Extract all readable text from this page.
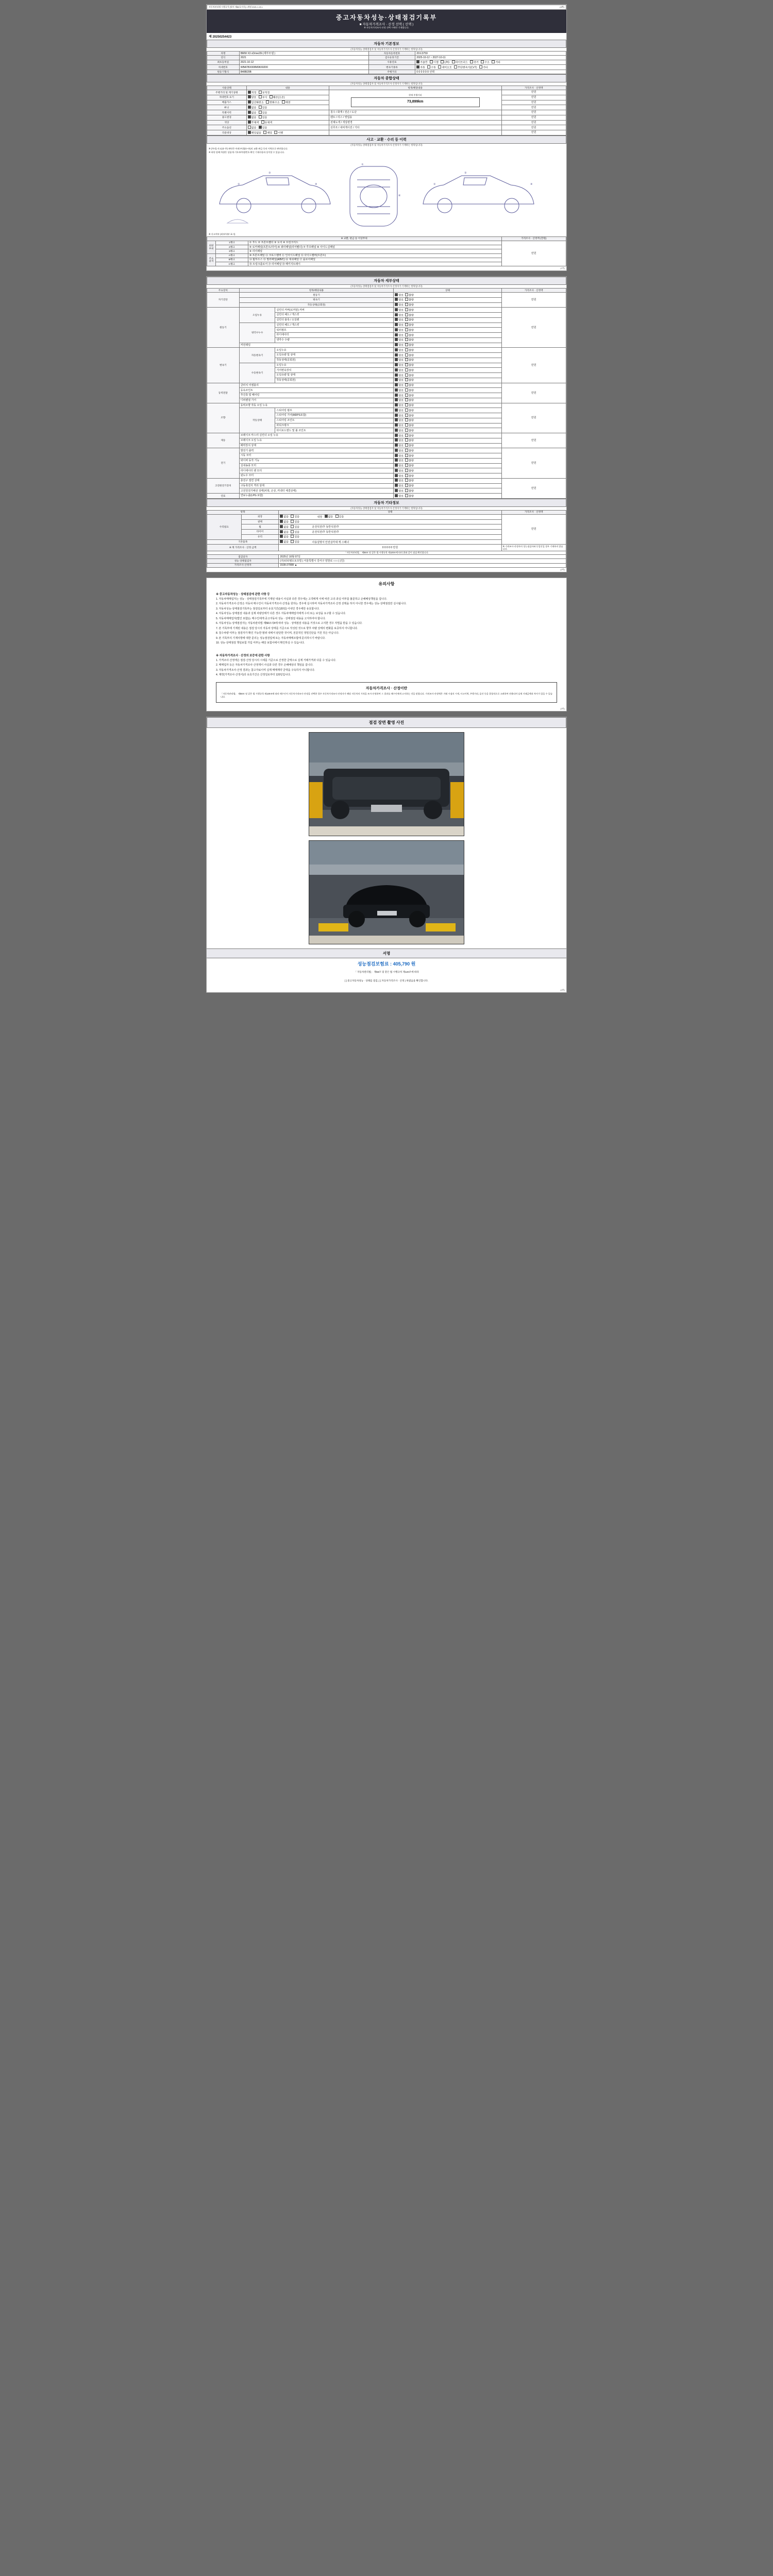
자동차관리법 시행규칙 [별지 제82호서식] <개정 2021.1.19.>	(4쪽)
중고자동차성능·상태점검기록부
■ 자동차가격조사 · 산정 선택 ( 선택 )
※ 자동차가격조사·산정 선택 시에만 기재합니다.
제 20250254423
자동차 기본정보
(자동차성능·상태점검자 및 자동차가격조사·산정자가 기재하는 항목입니다)
차명	BMW X3 xDrive20i (세부모델 )	자동차등록번호	20로3759
연식	2021	검사유효기간	2025-10-12 ~ 2027-10-11
최초등록일	2021-10-12	사용연료	가솔린 디젤 LPG 하이브리드 전기 수소 기타
차대번호	WBATBX008M9K69200	변속기종류	자동 수동 세미오토 무단변속기(CVT) 기타
원동기형식	B48B20B	주행거리	0 0 0 0 0 0 선택
자동차 종합상태
(자동차성능·상태점검자 및 자동차가격조사·산정자가 기재하는 항목입니다)
사용상태	내용	항목/해당내용	가격조사 · 산정액
주행거리 및 계기상태	적정 부적정	현재 주행거리
73,899km	만원
차대번호 표기	양호 부식 훼손(오손)		만원
배출가스	일산화탄소 탄화수소 매연		만원
튜닝	없음 있음		만원
특별이력	없음 있음	침수 / 화재 / 전손 / 도난	만원
용도변경	없음 있음	렌트 / 리스 / 영업용	만원
색상	무채색 유채색	전체도색 / 색상변경	만원
주요옵션	없음 있음	선루프 / 내비게이션 / 기타	만원
리콜대상	해당없음 해당 이행		만원
사고 · 교환 · 수리 등 이력
(자동차성능·상태점검자 및 자동차가격조사·산정자가 기재하는 항목입니다)
※ (주의) 사고(유·무) 판단은 아래 부위(①~⑦)의 교환·판금 등의 이력으로 판단합니다.
※ 하단 당해 차량은 상품개·기록부/차량번호 확인 기재사항과 상이할 수 있습니다.
③
①	④
⑦
⑥
③
④
①
※ 사고여부 (외부/내부 표시)
※ 교환, 판금 등 이상부위			가격조사 · 산정액 (만원)
외판부위	1랭크	① 후드 ② 프론트휀더 ③ 도어 ④ 트렁크리드	만원
	2랭크	⑤ 로커패널(프론트/리어) ⑥ 쿼터패널(리어휀더) ⑦ 루프패널 ⑧ 사이드실패널	
	3랭크	⑨ 리어패널	
주요골격	A랭크	⑩ 프론트패널 ⑪ 크로스멤버 ⑫ 인사이드패널 ⑬ 사이드멤버(프론트)	
	B랭크	⑭ 휠하우스 ⑮ 필러패널(A/B/C) ⑯ 대쉬패널 ⑰ 플로어패널	
	C랭크	⑱ 트렁크플로어 ⑲ 리어패널 ⑳ 패키지트레이	
(1쪽)
자동차 세부상태
(자동차성능·상태점검자 및 자동차가격조사·산정자가 기재하는 항목입니다)
주요장치	항목/해당내용		상태	가격조사 · 산정액
자기진단	원동기		양호 불량	만원
	변속기		양호 불량	
	작동상태(공회전)		양호 불량	
원동기	오일누유	실린더 커버(로커암) 커버	양호 불량	만원
		실린더 헤드 / 개스킷	양호 불량	
		실린더 블록 / 오일팬	양호 불량	
	냉각수누수	실린더 헤드 / 개스킷	양호 불량	
		워터펌프	양호 불량	
		라디에이터	양호 불량	
		냉각수 수량	양호 불량	
	커먼레일		양호 불량	
변속기	자동변속기	오일누유	양호 불량	만원
		오일유량 및 상태	양호 불량	
		작동상태(공회전)	양호 불량	
	수동변속기	오일누유	양호 불량	
		기어변속장치	양호 불량	
		오일유량 및 상태	양호 불량	
		작동상태(공회전)	양호 불량	
동력전달	클러치 어셈블리		양호 불량	만원
	등속조인트		양호 불량	
	추진축 및 베어링		양호 불량	
	디퍼렌셜 기어		양호 불량	
조향	동력조향 작동 오일 누유		양호 불량	만원
	작동상태	스티어링 펌프	양호 불량	
		스티어링 기어(MDPS포함)	양호 불량	
		스티어링 조인트	양호 불량	
		파워크랭크	양호 불량	
		타이로드엔드 및 볼 조인트	양호 불량	
제동	브레이크 마스터 실린더 오일 누유		양호 불량	만원
	브레이크 오일 누유		양호 불량	
	배력장치 상태		양호 불량	
전기	발전기 출력		양호 불량	만원
	시동 모터		양호 불량	
	와이퍼 동작 기능		양호 불량	
	실내송풍 모터		양호 불량	
	라디에이터 팬 모터		양호 불량	
	윈도우 모터		양호 불량	
고전원전기장치	충전구 절연 상태		양호 불량	만원
	구동축전지 격리 상태		양호 불량	
	고전원전기배선 상태(피복, 손상, 커넥터 체결상태)		양호 불량	
연료	연료누출(LPG 포함)		양호 불량	
자동차 기타정보
(자동차성능·상태점검자 및 자동차가격조사·산정자가 기재하는 항목입니다)
항목		상태	가격조사 · 산정액
수리필요	외장	없음 있음 내장 없음 있음	만원
	광택	없음 있음	
	휠	없음 있음 운전석전/후 동반석전/후	
	타이어	없음 있음 운전석전/후 동반석전/후	
	유리	없음 있음	
기본품목		없음 있음 사용설명서 안전삼각대 잭 스패너	
※ 계 가격조사 · 산정 금액		0 0 0 0 0 만원	※ 가격조사·산정자의 성능점검자와 동일인일 경우 기재하지 않습니다.
「자동차관리법」 제58조 및 같은 법 시행규칙 제120조에 따라 위와 같이 점검·확인합니다.			
점검일자		2025년 10월 07일	
성능·상태점검자		(주)티티엠오토모빌 | 서울특별시 강서구 양천로 ○○○ | (인)	
가격조사·산정자		1530-27008 ▲	
(2쪽)
유의사항
※ 중고자동차성능 · 상태점검에 관한 사항 등
1. 자동차매매업자는 성능 · 상태점검기록부에 기재된 내용이 사실과 다른 경우에는 고객에게 이에 따른 고의·과실 여부를 불문하고 손해배상책임을 집니다.
2. 자동차가격조사·산정은 자동차 매수인이 자동차가격조사·산정을 원하는 경우에 실시하며 자동차가격조사·산정 선택을 하지 아니한 경우에는 성능·상태점검만 실시됩니다.
3. 자동차성능·상태점검기록부는 점검일로부터 유효기간(120일) 이내인 경우에만 유효합니다.
4. 자동차성능·상태점검 내용과 실제 차량상태가 다른 경우 자동차매매업자에게 수리 또는 보상을 요구할 수 있습니다.
5. 자동차매매업자(법인 포함)는 매수인에게 중고자동차 성능 · 상태점검 내용을 고지하여야 합니다.
6. 자동차성능·상태점검자는 자동차관리법 제58조의4에 따라 성능 · 상태점검 내용을 거짓으로 고지한 경우 처벌을 받을 수 있습니다.
7. 본 기록부에 기재된 내용은 점검 당시의 자동차 상태를 기준으로 작성된 것으로 향후 차량 상태의 변화를 보증하지 아니합니다.
8. 침수차량 여부는 점검자가 확인 가능한 범위 내에서 판단한 것이며, 전문적인 정밀진단을 거친 것은 아닙니다.
9. 본 기록부의 기재사항에 대한 문의는 성능점검업체 또는 자동차매매조합에 문의하시기 바랍니다.
10. 성능·상태점검 책임보험 가입 여부는 해당 보험사에서 확인하실 수 있습니다.
※ 자동차가격조사 · 산정의 보증에 관한 사항
1. 가격조사·산정액은 점검·산정 당시의 시세를 기준으로 산정한 금액으로 실제 거래가격과 다를 수 있습니다.
2. 매매업자 등은 자동차가격조사·산정액이 사실과 다른 경우 손해배상의 책임을 집니다.
3. 자동차가격조사·산정 결과는 참고자료이며 실제 매매계약 금액을 구속하지 아니합니다.
4. 계약(가격조사·산정서)의 유효기간은 산정일로부터 120일입니다.
자동차가격조사 · 산정이란
「자동차관리법」 제58조 및 같은 법 시행규칙 제120조에 따라 매수인이 자동차가격조사·산정을 선택한 경우 자동차가격조사·산정자가 해당 자동차의 가격을 조사·산정하여 그 결과를 매수인에게 고지하는 것을 말합니다. 가격조사·산정액은 거래 시점의 시세, 사고이력, 주행거리, 옵션 등을 종합적으로 고려하여 산출되며 실제 거래금액과 차이가 있을 수 있습니다.
(3쪽)
점검 장면 촬영 사진
서명
성능점검보험료 : 405,790 원
「 자동차관리법」 제58조 및 같은 법 시행규칙 제120조에 따라
[ ] 중고자동차성능 · 상태를 점검, [ ] 자동차가격조사 · 산정 ) 하였음을 확인합니다.
(4쪽)
